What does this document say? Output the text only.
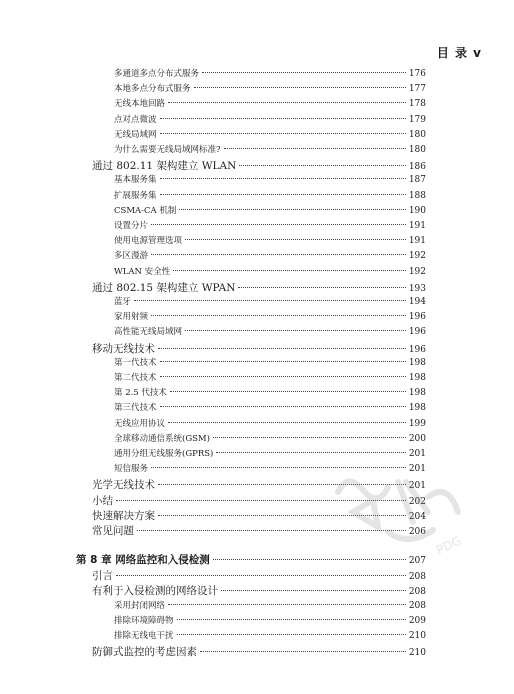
目 录 v
多通道多点分布式服务	176
本地多点分布式服务	177
无线本地回路	178
点对点微波	179
无线局域网	180
为什么需要无线局域网标准?	180
通过 802.11 架构建立 WLAN	186
基本服务集	187
扩展服务集	188
CSMA-CA 机制	190
设置分片	191
使用电源管理选项	191
多区漫游	192
WLAN 安全性	192
通过 802.15 架构建立 WPAN	193
蓝牙	194
家用射频	196
高性能无线局域网	196
移动无线技术	196
第一代技术	198
第二代技术	198
第 2.5 代技术	198
第三代技术	198
无线应用协议	199
全球移动通信系统(GSM)	200
通用分组无线服务(GPRS)	201
短信服务	201
光学无线技术	201
小结	202
快速解决方案	204
常见问题	206
第 8 章 网络监控和入侵检测	207
引言	208
有利于入侵检测的网络设计	208
采用封闭网络	208
排除环境障碍物	209
排除无线电干扰	210
防御式监控的考虑因素	210
PDG
